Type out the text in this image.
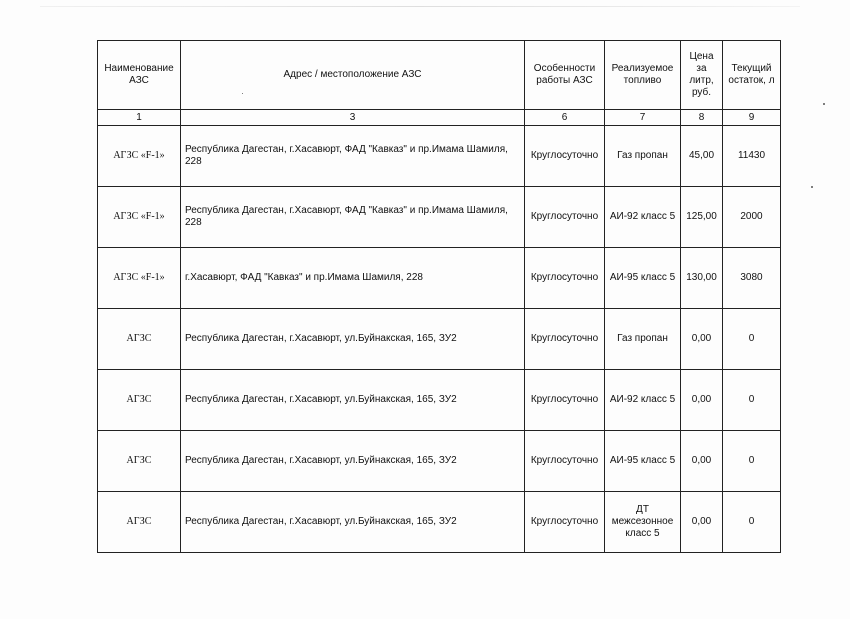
Наименование АЗС	Адрес / местоположение АЗС	Особенности работы АЗС	Реализуемое топливо	Цена за литр, руб.	Текущий остаток, л
1	3	6	7	8	9
АГЗС «F-1»	Республика Дагестан, г.Хасавюрт, ФАД "Кавказ" и пр.Имама Шамиля, 228	Круглосуточно	Газ пропан	45,00	11430
АГЗС «F-1»	Республика Дагестан, г.Хасавюрт, ФАД "Кавказ" и пр.Имама Шамиля, 228	Круглосуточно	АИ-92 класс 5	125,00	2000
АГЗС «F-1»	г.Хасавюрт, ФАД "Кавказ" и пр.Имама Шамиля, 228	Круглосуточно	АИ-95 класс 5	130,00	3080
АГЗС	Республика Дагестан, г.Хасавюрт, ул.Буйнакская, 165, ЗУ2	Круглосуточно	Газ пропан	0,00	0
АГЗС	Республика Дагестан, г.Хасавюрт, ул.Буйнакская, 165, ЗУ2	Круглосуточно	АИ-92 класс 5	0,00	0
АГЗС	Республика Дагестан, г.Хасавюрт, ул.Буйнакская, 165, ЗУ2	Круглосуточно	АИ-95 класс 5	0,00	0
АГЗС	Республика Дагестан, г.Хасавюрт, ул.Буйнакская, 165, ЗУ2	Круглосуточно	ДТ межсезонное класс 5	0,00	0
